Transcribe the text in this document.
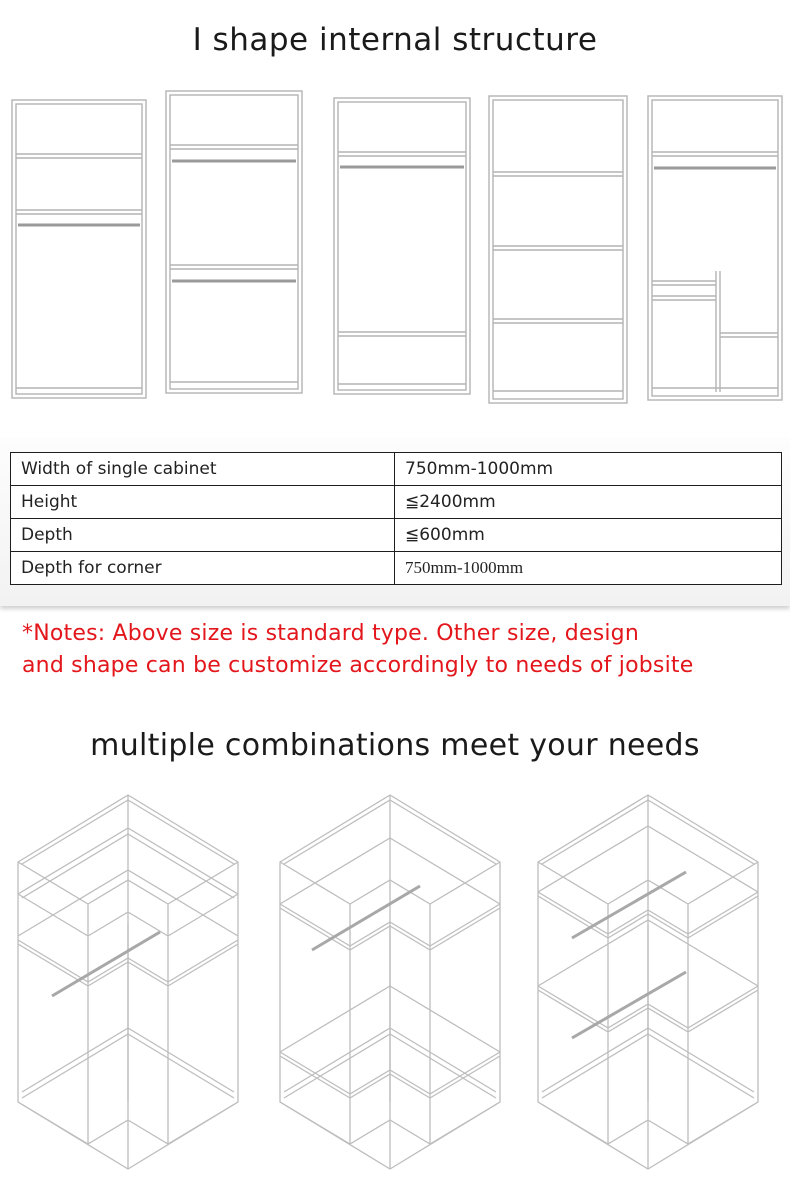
I shape internal structure
Width of single cabinet	750mm-1000mm
Height	≦2400mm
Depth	≦600mm
Depth for corner	750mm-1000mm
*Notes: Above size is standard type. Other size, design
and shape can be customize accordingly to needs of jobsite
multiple combinations meet your needs
